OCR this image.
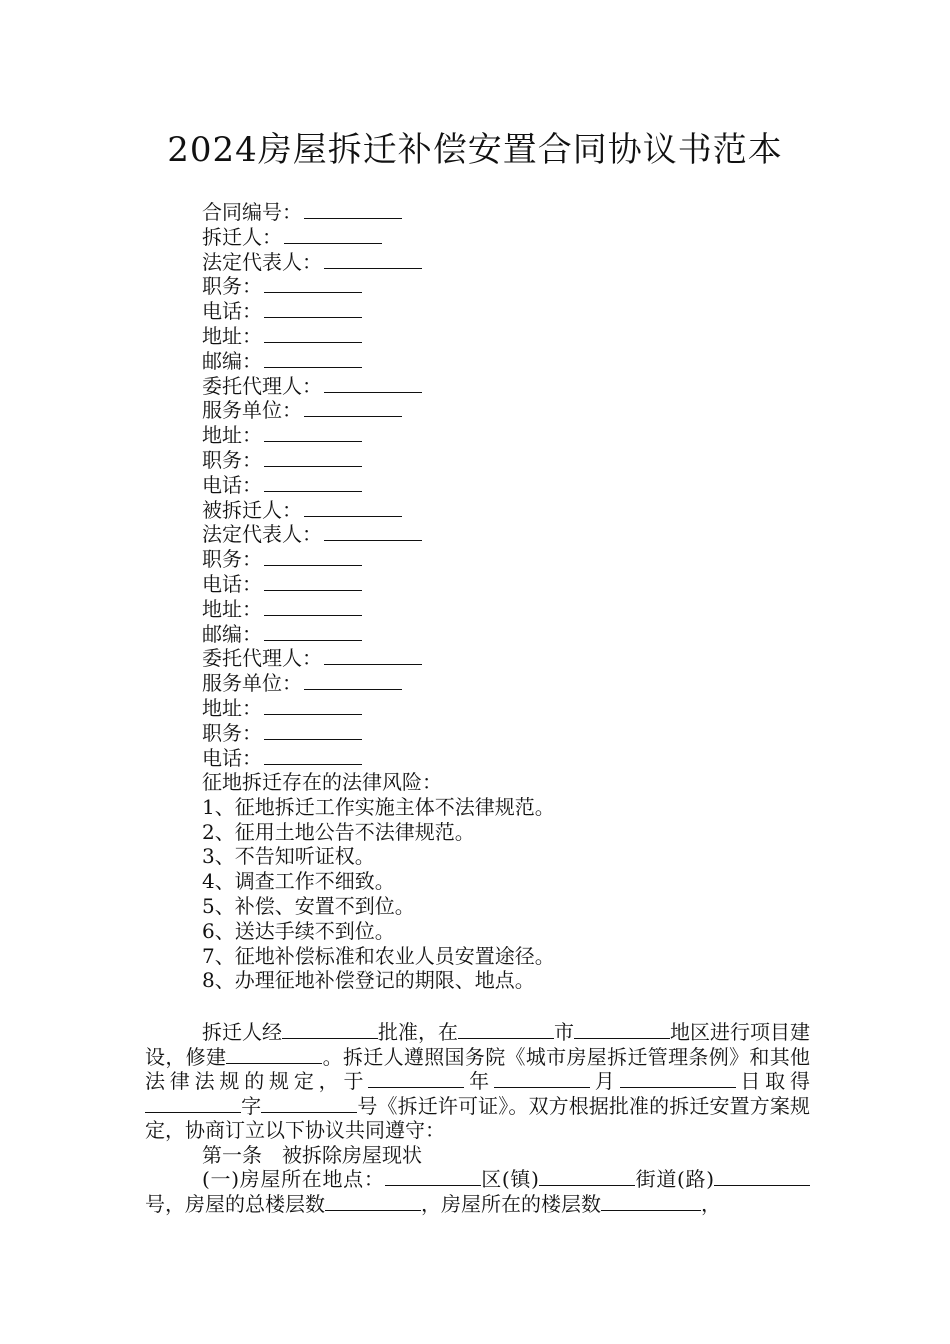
2024房屋拆迁补偿安置合同协议书范本
合同编号：
拆迁人：
法定代表人：
职务：
电话：
地址：
邮编：
委托代理人：
服务单位：
地址：
职务：
电话：
被拆迁人：
法定代表人：
职务：
电话：
地址：
邮编：
委托代理人：
服务单位：
地址：
职务：
电话：
征地拆迁存在的法律风险：
1、征地拆迁工作实施主体不法律规范。
2、征用土地公告不法律规范。
3、不告知听证权。
4、调查工作不细致。
5、补偿、安置不到位。
6、送达手续不到位。
7、征地补偿标准和农业人员安置途径。
8、办理征地补偿登记的期限、地点。
拆迁人经	批准，在	市	地区进行项目建设，修建	。拆迁人遵照国务院《城市房屋拆迁管理条例》和其他法律法规的规定，于	年	月	日取得字	号《拆迁许可证》。双方根据批准的拆迁安置方案规定，协商订立以下协议共同遵守：
第一条　被拆除房屋现状
(一)房屋所在地点：	区(镇)	街道(路)号，房屋的总楼层数	，房屋所在的楼层数	，
